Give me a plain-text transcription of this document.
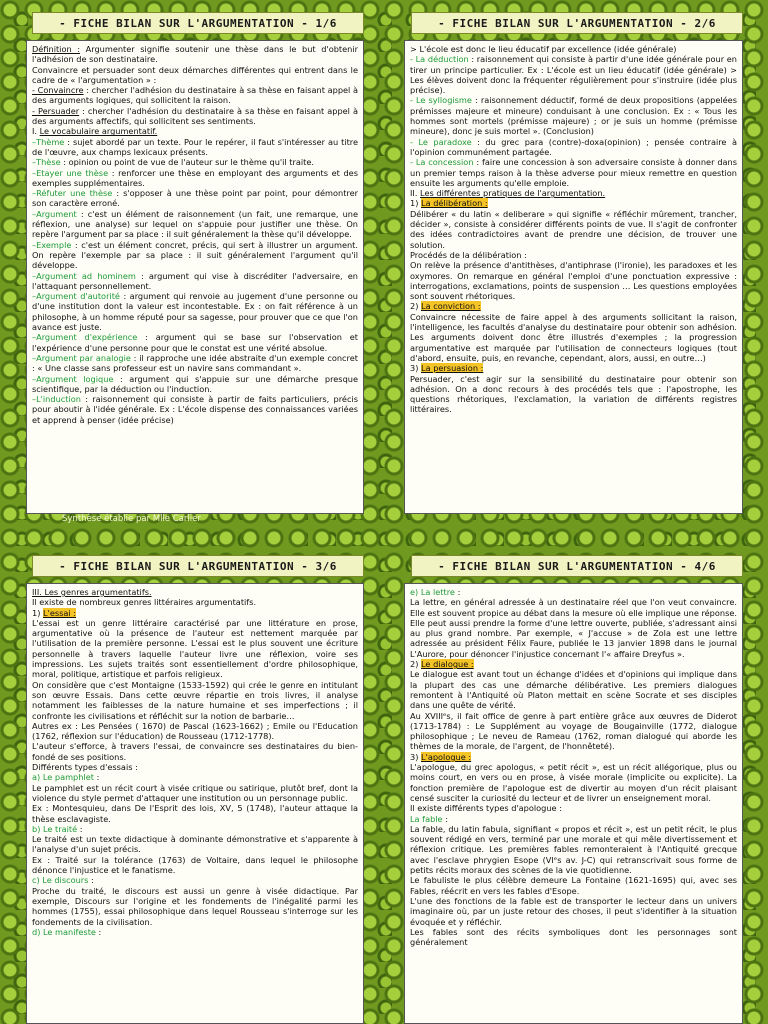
- FICHE BILAN SUR L'ARGUMENTATION - 1/6	- FICHE BILAN SUR L'ARGUMENTATION - 2/6
- FICHE BILAN SUR L'ARGUMENTATION - 3/6	- FICHE BILAN SUR L'ARGUMENTATION - 4/6

Définition : Argumenter signifie soutenir une thèse dans le but d'obtenir l'adhésion de son destinataire.

Convaincre et persuader sont deux démarches différentes qui entrent dans le cadre de « l'argumentation » :

- Convaincre : chercher l'adhésion du destinataire à sa thèse en faisant appel à des arguments logiques, qui sollicitent la raison.

- Persuader : chercher l'adhésion du destinataire à sa thèse en faisant appel à des arguments affectifs, qui sollicitent ses sentiments.

I. Le vocabulaire argumentatif.

–Thème : sujet abordé par un texte. Pour le repérer, il faut s'intéresser au titre de l'œuvre, aux champs lexicaux présents.

–Thèse : opinion ou point de vue de l'auteur sur le thème qu'il traite.

–Etayer une thèse : renforcer une thèse en employant des arguments et des exemples supplémentaires.

–Réfuter une thèse : s'opposer à une thèse point par point, pour démontrer son caractère erroné.

–Argument : c'est un élément de raisonnement (un fait, une remarque, une réflexion, une analyse) sur lequel on s'appuie pour justifier une thèse. On repère l'argument par sa place : il suit généralement la thèse qu'il développe.

–Exemple : c'est un élément concret, précis, qui sert à illustrer un argument. On repère l'exemple par sa place : il suit généralement l'argument qu'il développe.

–Argument ad hominem : argument qui vise à discréditer l'adversaire, en l'attaquant personnellement.

–Argument d'autorité : argument qui renvoie au jugement d'une personne ou d'une institution dont la valeur est incontestable. Ex : on fait référence à un philosophe, à un homme réputé pour sa sagesse, pour prouver que ce que l'on avance est juste.

–Argument d'expérience : argument qui se base sur l'observation et l'expérience d'une personne pour que le constat est une vérité absolue.

–Argument par analogie : il rapproche une idée abstraite d'un exemple concret : « Une classe sans professeur est un navire sans commandant ».

–Argument logique : argument qui s'appuie sur une démarche presque scientifique, par la déduction ou l'induction.

–L'induction : raisonnement qui consiste à partir de faits particuliers, précis pour aboutir à l'idée générale. Ex : L'école dispense des connaissances variées et apprend à penser (idée précise)

> L'école est donc le lieu éducatif par excellence (idée générale)

- La déduction : raisonnement qui consiste à partir d'une idée générale pour en tirer un principe particulier. Ex : L'école est un lieu éducatif (idée générale) > Les élèves doivent donc la fréquenter régulièrement pour s'instruire (idée plus précise).

- Le syllogisme : raisonnement déductif, formé de deux propositions (appelées prémisses majeure et mineure) conduisant à une conclusion. Ex : « Tous les hommes sont mortels (prémisse majeure) ; or je suis un homme (prémisse mineure), donc je suis mortel ». (Conclusion)

- Le paradoxe : du grec para (contre)-doxa(opinion) ; pensée contraire à l'opinion communément partagée.

- La concession : faire une concession à son adversaire consiste à donner dans un premier temps raison à la thèse adverse pour mieux remettre en question ensuite les arguments qu'elle emploie.

II. Les différentes pratiques de l'argumentation.

1) La délibération :

Délibérer « du latin « deliberare » qui signifie « réfléchir mûrement, trancher, décider », consiste à considérer différents points de vue. Il s'agit de confronter des idées contradictoires avant de prendre une décision, de trouver une solution.

Procédés de la délibération :

On relève la présence d'antithèses, d'antiphrase (l'ironie), les paradoxes et les oxymores. On remarque en général l'emploi d'une ponctuation expressive : interrogations, exclamations, points de suspension … Les questions employées sont souvent rhétoriques.

2) La conviction :

Convaincre nécessite de faire appel à des arguments sollicitant la raison, l'intelligence, les facultés d'analyse du destinataire pour obtenir son adhésion. Les arguments doivent donc être illustrés d'exemples ; la progression argumentative est marquée par l'utilisation de connecteurs logiques (tout d'abord, ensuite, puis, en revanche, cependant, alors, aussi, en outre…)

3) La persuasion :

Persuader, c'est agir sur la sensibilité du destinataire pour obtenir son adhésion. On a donc recours à des procédés tels que : l'apostrophe, les questions rhétoriques, l'exclamation, la variation de différents registres littéraires.

III. Les genres argumentatifs.

Il existe de nombreux genres littéraires argumentatifs.

1) L'essai :

L'essai est un genre littéraire caractérisé par une littérature en prose, argumentative où la présence de l'auteur est nettement marquée par l'utilisation de la première personne. L'essai est le plus souvent une écriture personnelle à travers laquelle l'auteur livre une réflexion, voire ses impressions. Les sujets traités sont essentiellement d'ordre philosophique, moral, politique, artistique et parfois religieux.

On considère que c'est Montaigne (1533-1592) qui crée le genre en intitulant son œuvre Essais. Dans cette œuvre répartie en trois livres, il analyse notamment les faiblesses de la nature humaine et ses imperfections ; il confronte les civilisations et réfléchit sur la notion de barbarie…

Autres ex : Les Pensées ( 1670) de Pascal (1623-1662) ; Emile ou l'Education (1762, réflexion sur l'éducation) de Rousseau (1712-1778).

L'auteur s'efforce, à travers l'essai, de convaincre ses destinataires du bien-fondé de ses positions.

Différents types d'essais :

a) Le pamphlet :

Le pamphlet est un récit court à visée critique ou satirique, plutôt bref, dont la violence du style permet d'attaquer une institution ou un personnage public.

Ex : Montesquieu, dans De l'Esprit des lois, XV, 5 (1748), l'auteur attaque la thèse esclavagiste.

b) Le traité :

Le traité est un texte didactique à dominante démonstrative et s'apparente à l'analyse d'un sujet précis.

Ex : Traité sur la tolérance (1763) de Voltaire, dans lequel le philosophe dénonce l'injustice et le fanatisme.

c) Le discours :

Proche du traité, le discours est aussi un genre à visée didactique. Par exemple, Discours sur l'origine et les fondements de l'inégalité parmi les hommes (1755), essai philosophique dans lequel Rousseau s'interroge sur les fondements de la civilisation.

d) Le manifeste :

e) La lettre :

La lettre, en général adressée à un destinataire réel que l'on veut convaincre. Elle est souvent propice au débat dans la mesure où elle implique une réponse. Elle peut aussi prendre la forme d'une lettre ouverte, publiée, s'adressant ainsi au plus grand nombre. Par exemple, « J'accuse » de Zola est une lettre adressée au président Félix Faure, publiée le 13 janvier 1898 dans le journal L'Aurore, pour dénoncer l'injustice concernant l'« affaire Dreyfus ».

2) Le dialogue :

Le dialogue est avant tout un échange d'idées et d'opinions qui implique dans la plupart des cas une démarche délibérative. Les premiers dialogues remontent à l'Antiquité où Platon mettait en scène Socrate et ses disciples dans une quête de vérité.

Au XVIIIᵉs, il fait office de genre à part entière grâce aux œuvres de Diderot (1713-1784) : Le Supplément au voyage de Bougainville (1772, dialogue philosophique ; Le neveu de Rameau (1762, roman dialogué qui aborde les thèmes de la morale, de l'argent, de l'honnêteté).

3) L'apologue :

L'apologue, du grec apologus, « petit récit », est un récit allégorique, plus ou moins court, en vers ou en prose, à visée morale (implicite ou explicite). La fonction première de l'apologue est de divertir au moyen d'un récit plaisant censé susciter la curiosité du lecteur et de livrer un enseignement moral.

Il existe différents types d'apologue :

La fable :

La fable, du latin fabula, signifiant « propos et récit », est un petit récit, le plus souvent rédigé en vers, terminé par une morale et qui mêle divertissement et réflexion critique. Les premières fables remonteraient à l'Antiquité grecque avec l'esclave phrygien Esope (VIᵉs av. J-C) qui retranscrivait sous forme de petits récits moraux des scènes de la vie quotidienne.

Le fabuliste le plus célèbre demeure La Fontaine (1621-1695) qui, avec ses Fables, réécrit en vers les fables d'Esope.

L'une des fonctions de la fable est de transporter le lecteur dans un univers imaginaire où, par un juste retour des choses, il peut s'identifier à la situation évoquée et y réfléchir.

Les fables sont des récits symboliques dont les personnages sont généralement

Synthèse établie par Mlle Carlier
